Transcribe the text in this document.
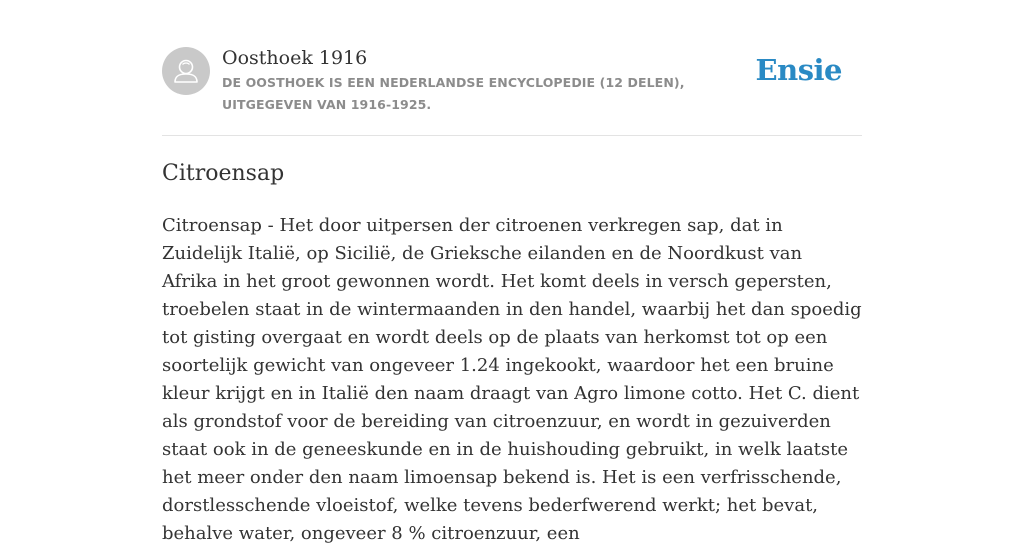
Oosthoek 1916
DE OOSTHOEK IS EEN NEDERLANDSE ENCYCLOPEDIE (12 DELEN), UITGEGEVEN VAN 1916-1925.
Ensie
Citroensap

Citroensap - Het door uitpersen der citroenen verkregen sap, dat in Zuidelijk Italië, op Sicilië, de Grieksche eilanden en de Noordkust van Afrika in het groot gewonnen wordt. Het komt deels in versch gepersten, troebelen staat in de wintermaanden in den handel, waarbij het dan spoedig tot gisting overgaat en wordt deels op de plaats van herkomst tot op een soortelijk gewicht van ongeveer 1.24 ingekookt, waardoor het een bruine kleur krijgt en in Italië den naam draagt van Agro limone cotto. Het C. dient als grondstof voor de bereiding van citroenzuur, en wordt in gezuiverden staat ook in de geneeskunde en in de huishouding gebruikt, in welk laatste het meer onder den naam limoensap bekend is. Het is een verfrisschende, dorstlesschende vloeistof, welke tevens bederfwerend werkt; het bevat, behalve water, ongeveer 8 % citroenzuur, een
